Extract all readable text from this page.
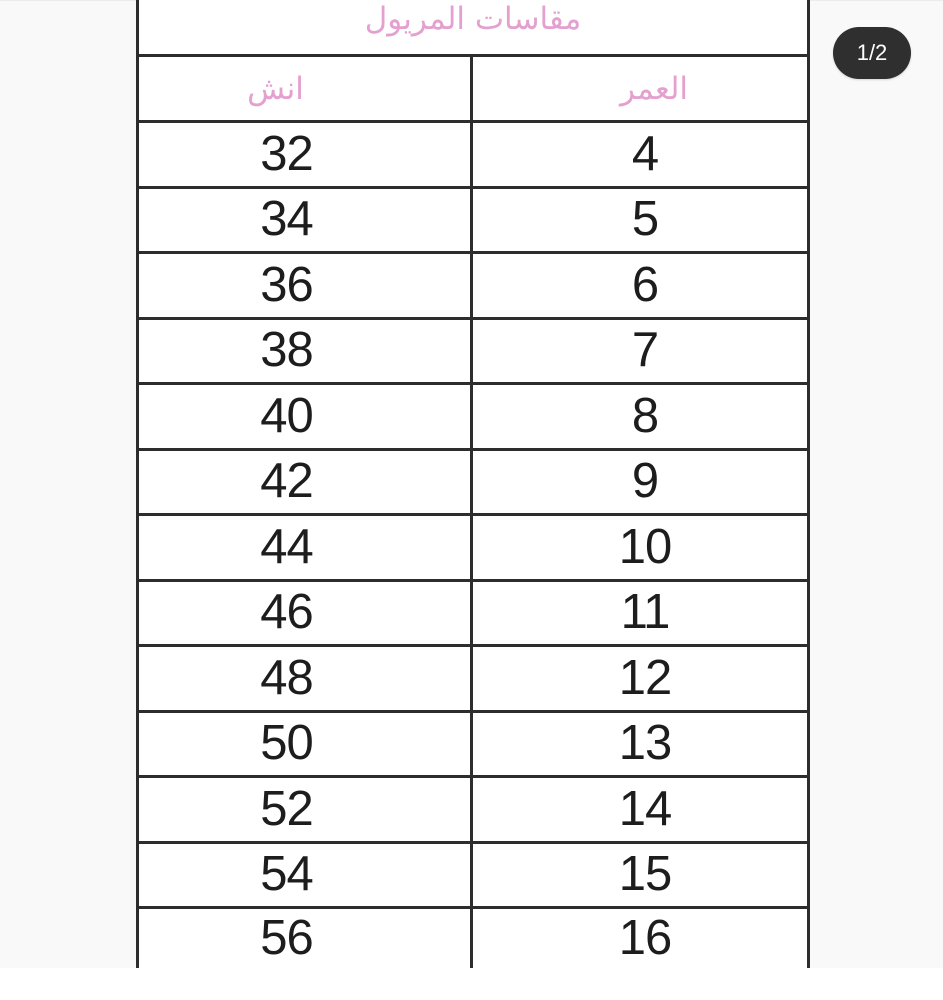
مقاسات المريول
انش	العمر
32	4
34	5
36	6
38	7
40	8
42	9
44	10
46	11
48	12
50	13
52	14
54	15
56	16
1/2
